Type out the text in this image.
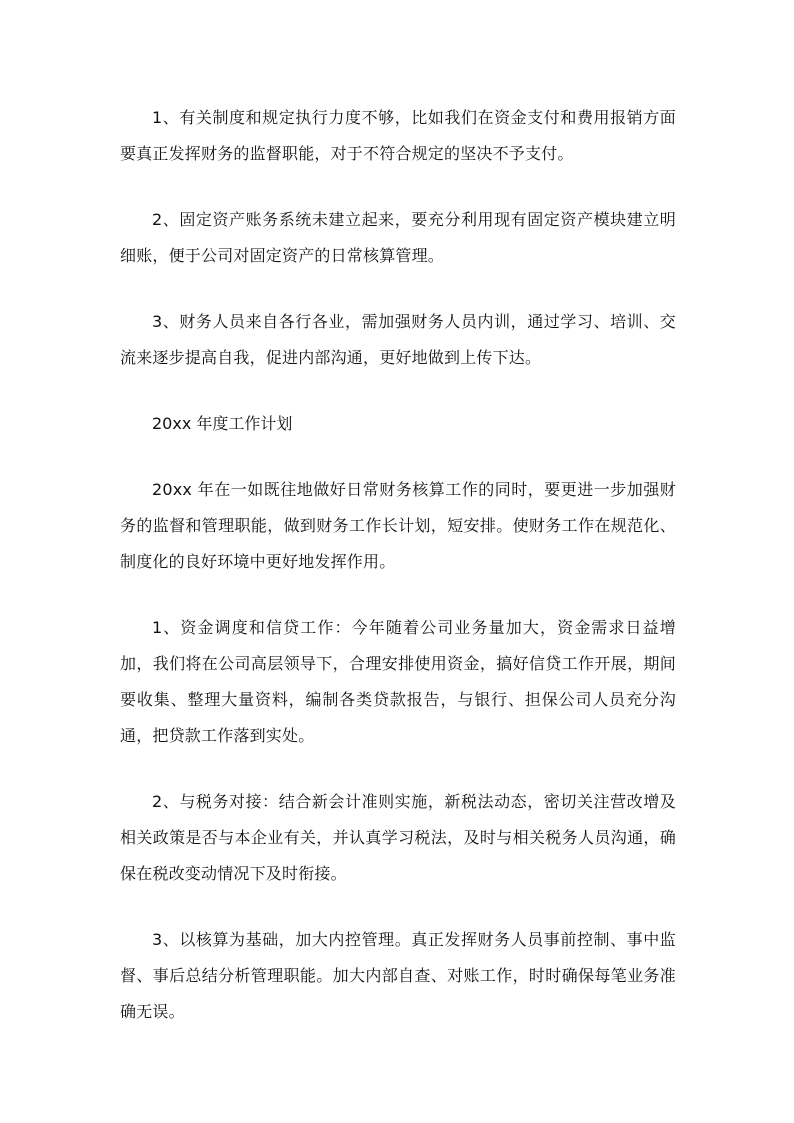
1、有关制度和规定执行力度不够，比如我们在资金支付和费用报销方面要真正发挥财务的监督职能，对于不符合规定的坚决不予支付。

2、固定资产账务系统未建立起来，要充分利用现有固定资产模块建立明细账，便于公司对固定资产的日常核算管理。

3、财务人员来自各行各业，需加强财务人员内训，通过学习、培训、交流来逐步提高自我，促进内部沟通，更好地做到上传下达。

20xx 年度工作计划

20xx 年在一如既往地做好日常财务核算工作的同时，要更进一步加强财务的监督和管理职能，做到财务工作长计划，短安排。使财务工作在规范化、制度化的良好环境中更好地发挥作用。

1、资金调度和信贷工作：今年随着公司业务量加大，资金需求日益增加，我们将在公司高层领导下，合理安排使用资金，搞好信贷工作开展，期间要收集、整理大量资料，编制各类贷款报告，与银行、担保公司人员充分沟通，把贷款工作落到实处。

2、与税务对接：结合新会计准则实施，新税法动态，密切关注营改增及相关政策是否与本企业有关，并认真学习税法，及时与相关税务人员沟通，确保在税改变动情况下及时衔接。

3、以核算为基础，加大内控管理。真正发挥财务人员事前控制、事中监督、事后总结分析管理职能。加大内部自查、对账工作，时时确保每笔业务准确无误。
